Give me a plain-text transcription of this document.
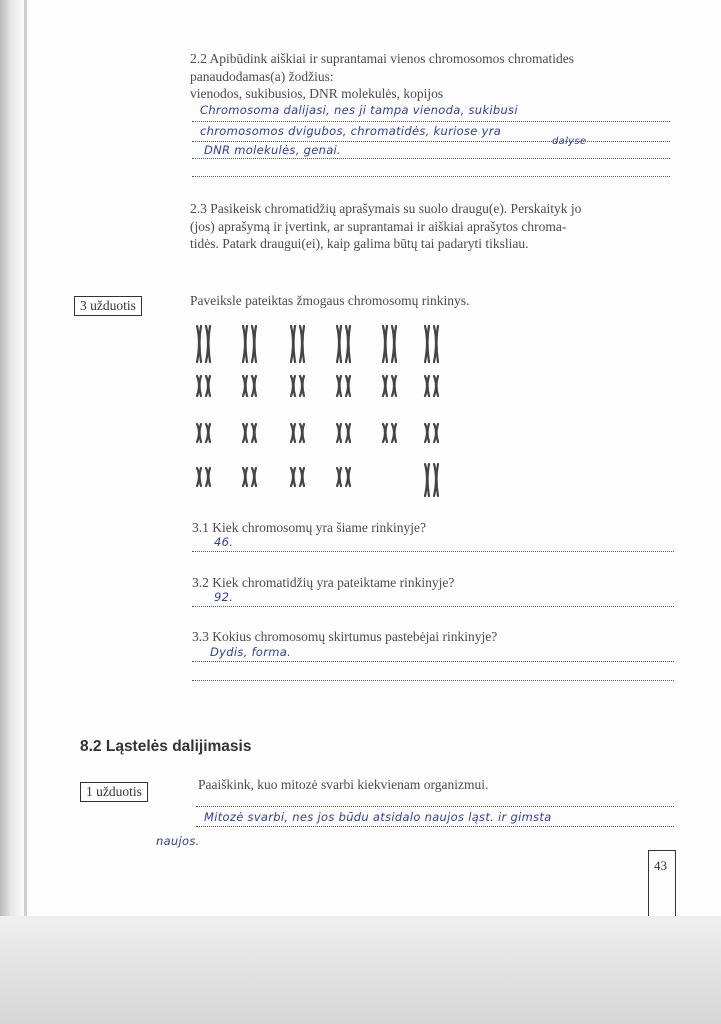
2.2 Apibūdink aiškiai ir suprantamai vienos chromosomos chromatides
panaudodamas(a) žodžius:
vienodos, sukibusios, DNR molekulės, kopijos
Chromosoma dalijasi, nes ji tampa vienoda, sukibusi
chromosomos dvigubos, chromatidės, kuriose yra
dalyse
DNR molekulės, genai.
2.3 Pasikeisk chromatidžių aprašymais su suolo draugu(e). Perskaityk jo
(jos) aprašymą ir įvertink, ar suprantamai ir aiškiai aprašytos chroma-
tidės. Patark draugui(ei), kaip galima būtų tai padaryti tiksliau.
3 užduotis	Paveiksle pateiktas žmogaus chromosomų rinkinys.
3.1 Kiek chromosomų yra šiame rinkinyje?
46.
3.2 Kiek chromatidžių yra pateiktame rinkinyje?
92.
3.3 Kokius chromosomų skirtumus pastebėjai rinkinyje?
Dydis, forma.
8.2 Ląstelės dalijimasis
1 užduotis	Paaiškink, kuo mitozė svarbi kiekvienam organizmui.
Mitozė svarbi, nes jos būdu atsidalo naujos ląst. ir gimsta
naujos.
43
